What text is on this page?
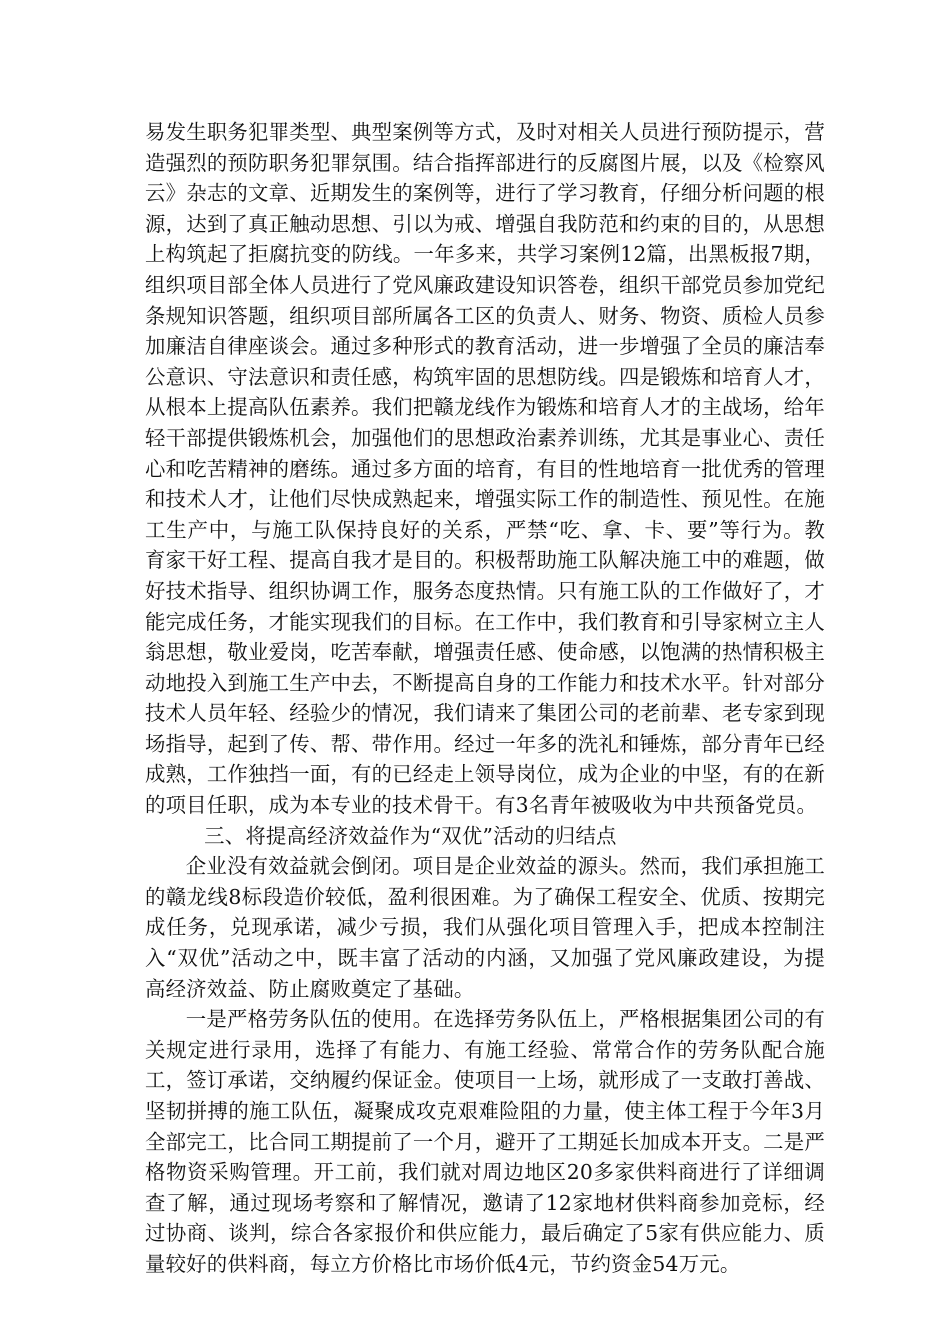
易发生职务犯罪类型、典型案例等方式，及时对相关人员进行预防提示，营造强烈的预防职务犯罪氛围。结合指挥部进行的反腐图片展，以及《检察风云》杂志的文章、近期发生的案例等，进行了学习教育，仔细分析问题的根源，达到了真正触动思想、引以为戒、增强自我防范和约束的目的，从思想上构筑起了拒腐抗变的防线。一年多来，共学习案例12篇，出黑板报7期，组织项目部全体人员进行了党风廉政建设知识答卷，组织干部党员参加党纪条规知识答题，组织项目部所属各工区的负责人、财务、物资、质检人员参加廉洁自律座谈会。通过多种形式的教育活动，进一步增强了全员的廉洁奉公意识、守法意识和责任感，构筑牢固的思想防线。四是锻炼和培育人才，从根本上提高队伍素养。我们把赣龙线作为锻炼和培育人才的主战场，给年轻干部提供锻炼机会，加强他们的思想政治素养训练，尤其是事业心、责任心和吃苦精神的磨练。通过多方面的培育，有目的性地培育一批优秀的管理和技术人才，让他们尽快成熟起来，增强实际工作的制造性、预见性。在施工生产中，与施工队保持良好的关系，严禁“吃、拿、卡、要”等行为。教育家干好工程、提高自我才是目的。积极帮助施工队解决施工中的难题，做好技术指导、组织协调工作，服务态度热情。只有施工队的工作做好了，才能完成任务，才能实现我们的目标。在工作中，我们教育和引导家树立主人翁思想，敬业爱岗，吃苦奉献，增强责任感、使命感，以饱满的热情积极主动地投入到施工生产中去，不断提高自身的工作能力和技术水平。针对部分技术人员年轻、经验少的情况，我们请来了集团公司的老前辈、老专家到现场指导，起到了传、帮、带作用。经过一年多的洗礼和锤炼，部分青年已经成熟，工作独挡一面，有的已经走上领导岗位，成为企业的中坚，有的在新的项目任职，成为本专业的技术骨干。有3名青年被吸收为中共预备党员。

三、将提高经济效益作为“双优”活动的归结点

企业没有效益就会倒闭。项目是企业效益的源头。然而，我们承担施工的赣龙线8标段造价较低，盈利很困难。为了确保工程安全、优质、按期完成任务，兑现承诺，减少亏损，我们从强化项目管理入手，把成本控制注入“双优”活动之中，既丰富了活动的内涵，又加强了党风廉政建设，为提高经济效益、防止腐败奠定了基础。

一是严格劳务队伍的使用。在选择劳务队伍上，严格根据集团公司的有关规定进行录用，选择了有能力、有施工经验、常常合作的劳务队配合施工，签订承诺，交纳履约保证金。使项目一上场，就形成了一支敢打善战、坚韧拼搏的施工队伍，凝聚成攻克艰难险阻的力量，使主体工程于今年3月全部完工，比合同工期提前了一个月，避开了工期延长加成本开支。二是严格物资采购管理。开工前，我们就对周边地区20多家供料商进行了详细调查了解，通过现场考察和了解情况，邀请了12家地材供料商参加竞标，经过协商、谈判，综合各家报价和供应能力，最后确定了5家有供应能力、质量较好的供料商，每立方价格比市场价低4元，节约资金54万元。
